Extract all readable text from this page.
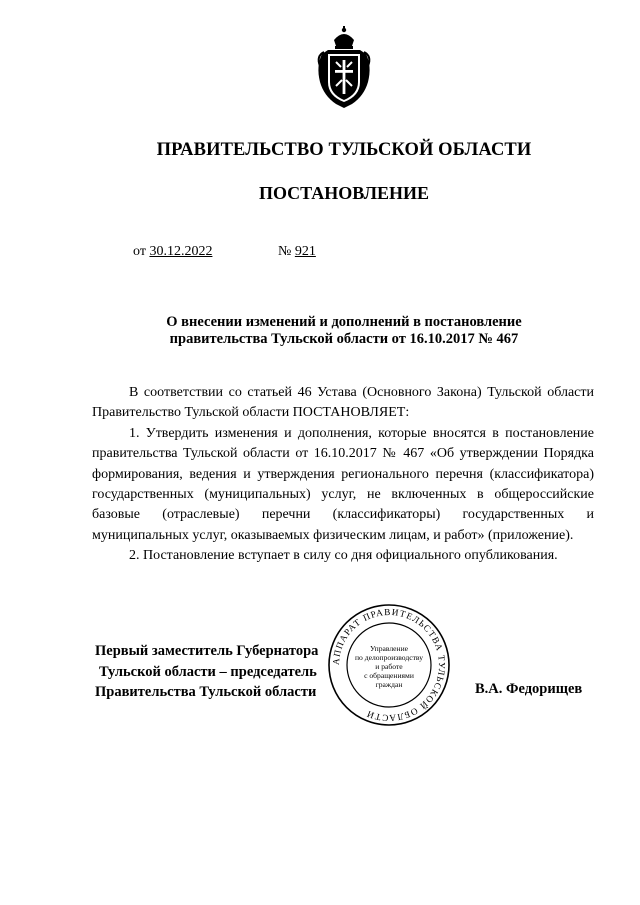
ПРАВИТЕЛЬСТВО ТУЛЬСКОЙ ОБЛАСТИ
ПОСТАНОВЛЕНИЕ
от 30.12.2022	№ 921
О внесении изменений и дополнений в постановление
правительства Тульской области от 16.10.2017 № 467

В соответствии со статьей 46 Устава (Основного Закона) Тульской области Правительство Тульской области ПОСТАНОВЛЯЕТ:

1. Утвердить изменения и дополнения, которые вносятся в постановление правительства Тульской области от 16.10.2017 № 467 «Об утверждении Порядка формирования, ведения и утверждения регионального перечня (классификатора) государственных (муниципальных) услуг, не включенных в общероссийские базовые (отраслевые) перечни (классификаторы) государственных и муниципальных услуг, оказываемых физическим лицам, и работ» (приложение).

2. Постановление вступает в силу со дня официального опубликования.

Первый заместитель Губернатора
Тульской области – председатель
Правительства Тульской области
АППАРАТ ПРАВИТЕЛЬСТВА ТУЛЬСКОЙ ОБЛАСТИ
Управление
по делопроизводству
и работе
с обращениями
граждан	В.А. Федорищев
